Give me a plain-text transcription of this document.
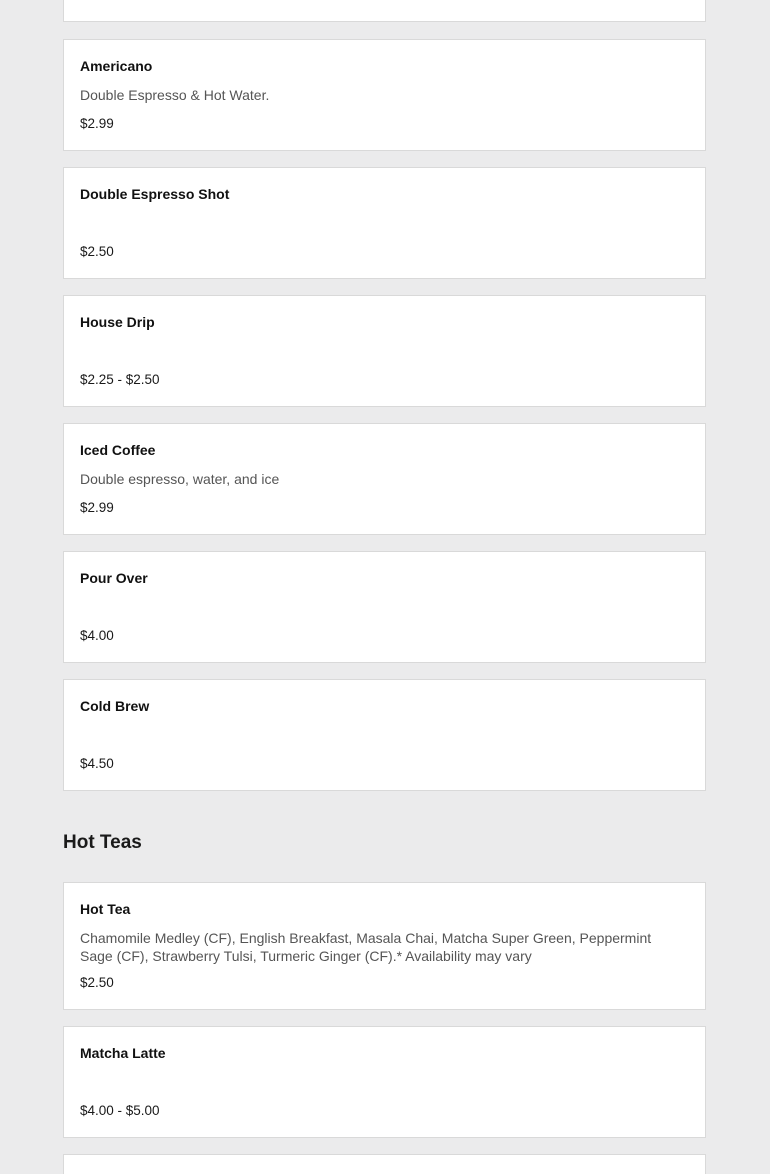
Americano
Double Espresso & Hot Water.
$2.99
Double Espresso Shot
$2.50
House Drip
$2.25 - $2.50
Iced Coffee
Double espresso, water, and ice
$2.99
Pour Over
$4.00
Cold Brew
$4.50
Hot Teas
Hot Tea
Chamomile Medley (CF), English Breakfast, Masala Chai, Matcha Super Green, Peppermint Sage (CF), Strawberry Tulsi, Turmeric Ginger (CF).* Availability may vary
$2.50
Matcha Latte
$4.00 - $5.00
